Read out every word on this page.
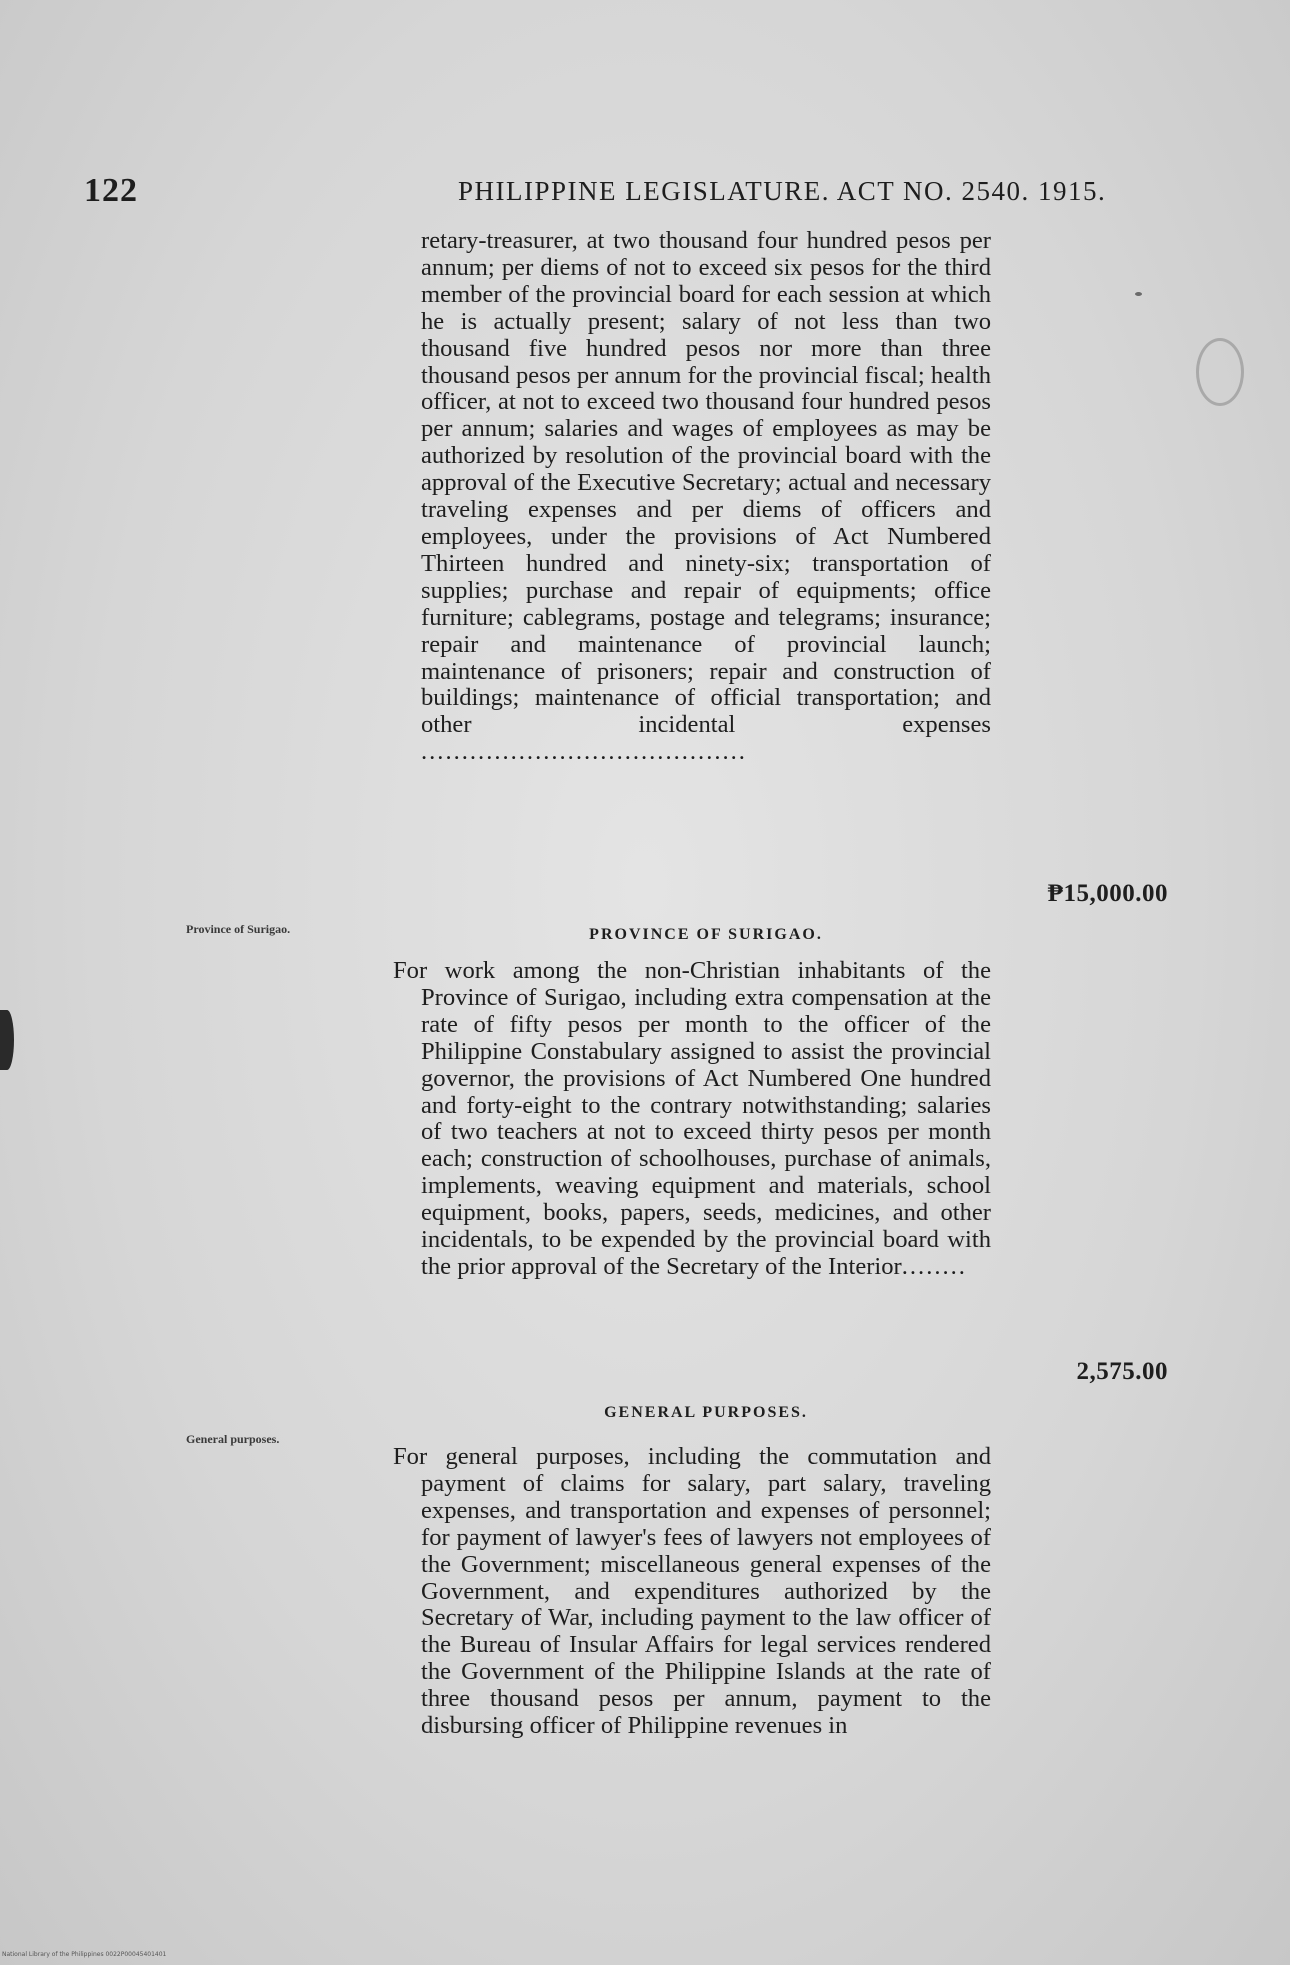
122	PHILIPPINE LEGISLATURE. ACT NO. 2540. 1915.

retary-treasurer, at two thousand four hundred pesos per annum; per diems of not to exceed six pesos for the third member of the provincial board for each session at which he is actually present; salary of not less than two thousand five hundred pesos nor more than three thousand pesos per annum for the provincial fiscal; health officer, at not to exceed two thousand four hundred pesos per annum; salaries and wages of employees as may be authorized by resolution of the provincial board with the approval of the Executive Secretary; actual and necessary traveling expenses and per diems of officers and employees, under the provisions of Act Numbered Thirteen hundred and ninety-six; transportation of supplies; purchase and repair of equipments; office furniture; cablegrams, postage and telegrams; insurance; repair and maintenance of provincial launch; maintenance of prisoners; repair and construction of buildings; maintenance of official transportation; and other incidental expenses ........................................

₱15,000.00
Province of Surigao.	PROVINCE OF SURIGAO.

For work among the non-Christian inhabitants of the Province of Surigao, including extra compensation at the rate of fifty pesos per month to the officer of the Philippine Constabulary assigned to assist the provincial governor, the provisions of Act Numbered One hundred and forty-eight to the contrary notwithstanding; salaries of two teachers at not to exceed thirty pesos per month each; construction of schoolhouses, purchase of animals, implements, weaving equipment and materials, school equipment, books, papers, seeds, medicines, and other incidentals, to be expended by the provincial board with the prior approval of the Secretary of the Interior........

2,575.00
General purposes.
GENERAL PURPOSES.

For general purposes, including the commutation and payment of claims for salary, part salary, traveling expenses, and transportation and expenses of personnel; for payment of lawyer's fees of lawyers not employees of the Government; miscellaneous general expenses of the Government, and expenditures authorized by the Secretary of War, including payment to the law officer of the Bureau of Insular Affairs for legal services rendered the Government of the Philippine Islands at the rate of three thousand pesos per annum, payment to the disbursing officer of Philippine revenues in

National Library of the Philippines 0022P00045401401
